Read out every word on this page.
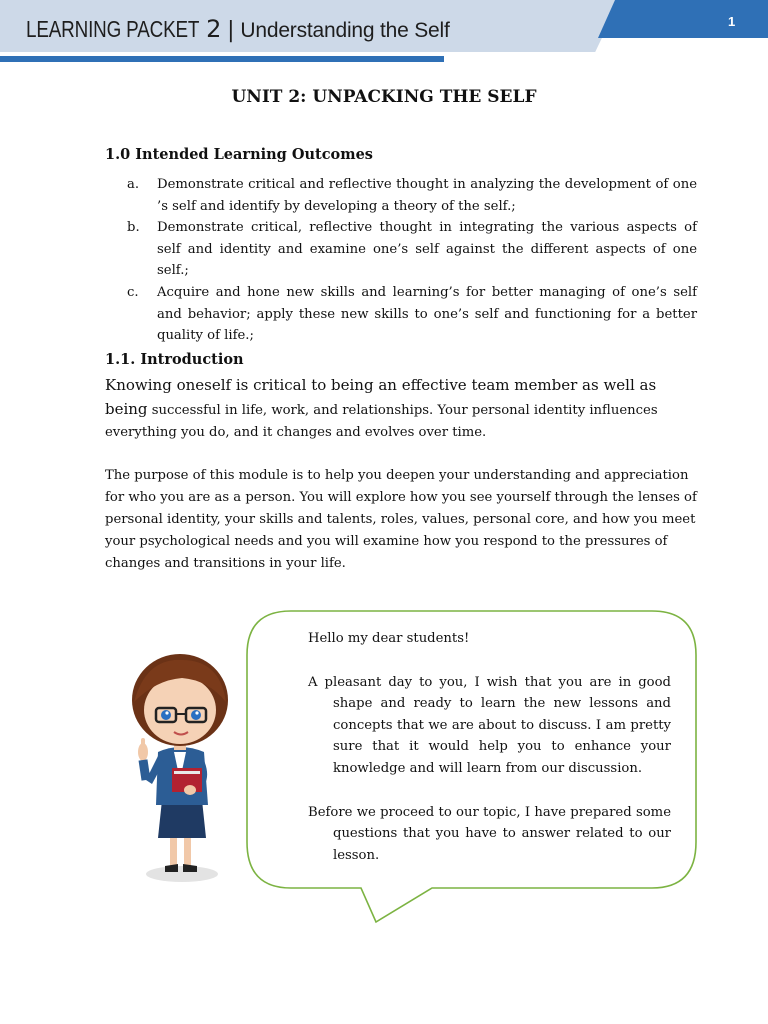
LEARNING PACKET 2 | Understanding the Self	1
UNIT 2: UNPACKING THE SELF
1.0 Intended Learning Outcomes
a.	Demonstrate critical and reflective thought in analyzing the development of one ’s self and identify by developing a theory of the self.;
b.	Demonstrate critical, reflective thought in integrating the various aspects of self and identity and examine one’s self against the different aspects of one self.;
c.	Acquire and hone new skills and learning’s for better managing of one’s self and behavior; apply these new skills to one’s self and functioning for a better quality of life.;
1.1. Introduction

Knowing oneself is critical to being an effective team member as well as being successful in life, work, and relationships. Your personal identity influences everything you do, and it changes and evolves over time.

The purpose of this module is to help you deepen your understanding and appreciation for who you are as a person. You will explore how you see yourself through the lenses of personal identity, your skills and talents, roles, values, personal core, and how you meet your psychological needs and you will examine how you respond to the pressures of changes and transitions in your life.

Hello my dear students!

A pleasant day to you, I wish that you are in good shape and ready to learn the new lessons and concepts that we are about to discuss. I am pretty sure that it would help you to enhance your knowledge and will learn from our discussion.

Before we proceed to our topic, I have prepared some questions that you have to answer related to our lesson.
